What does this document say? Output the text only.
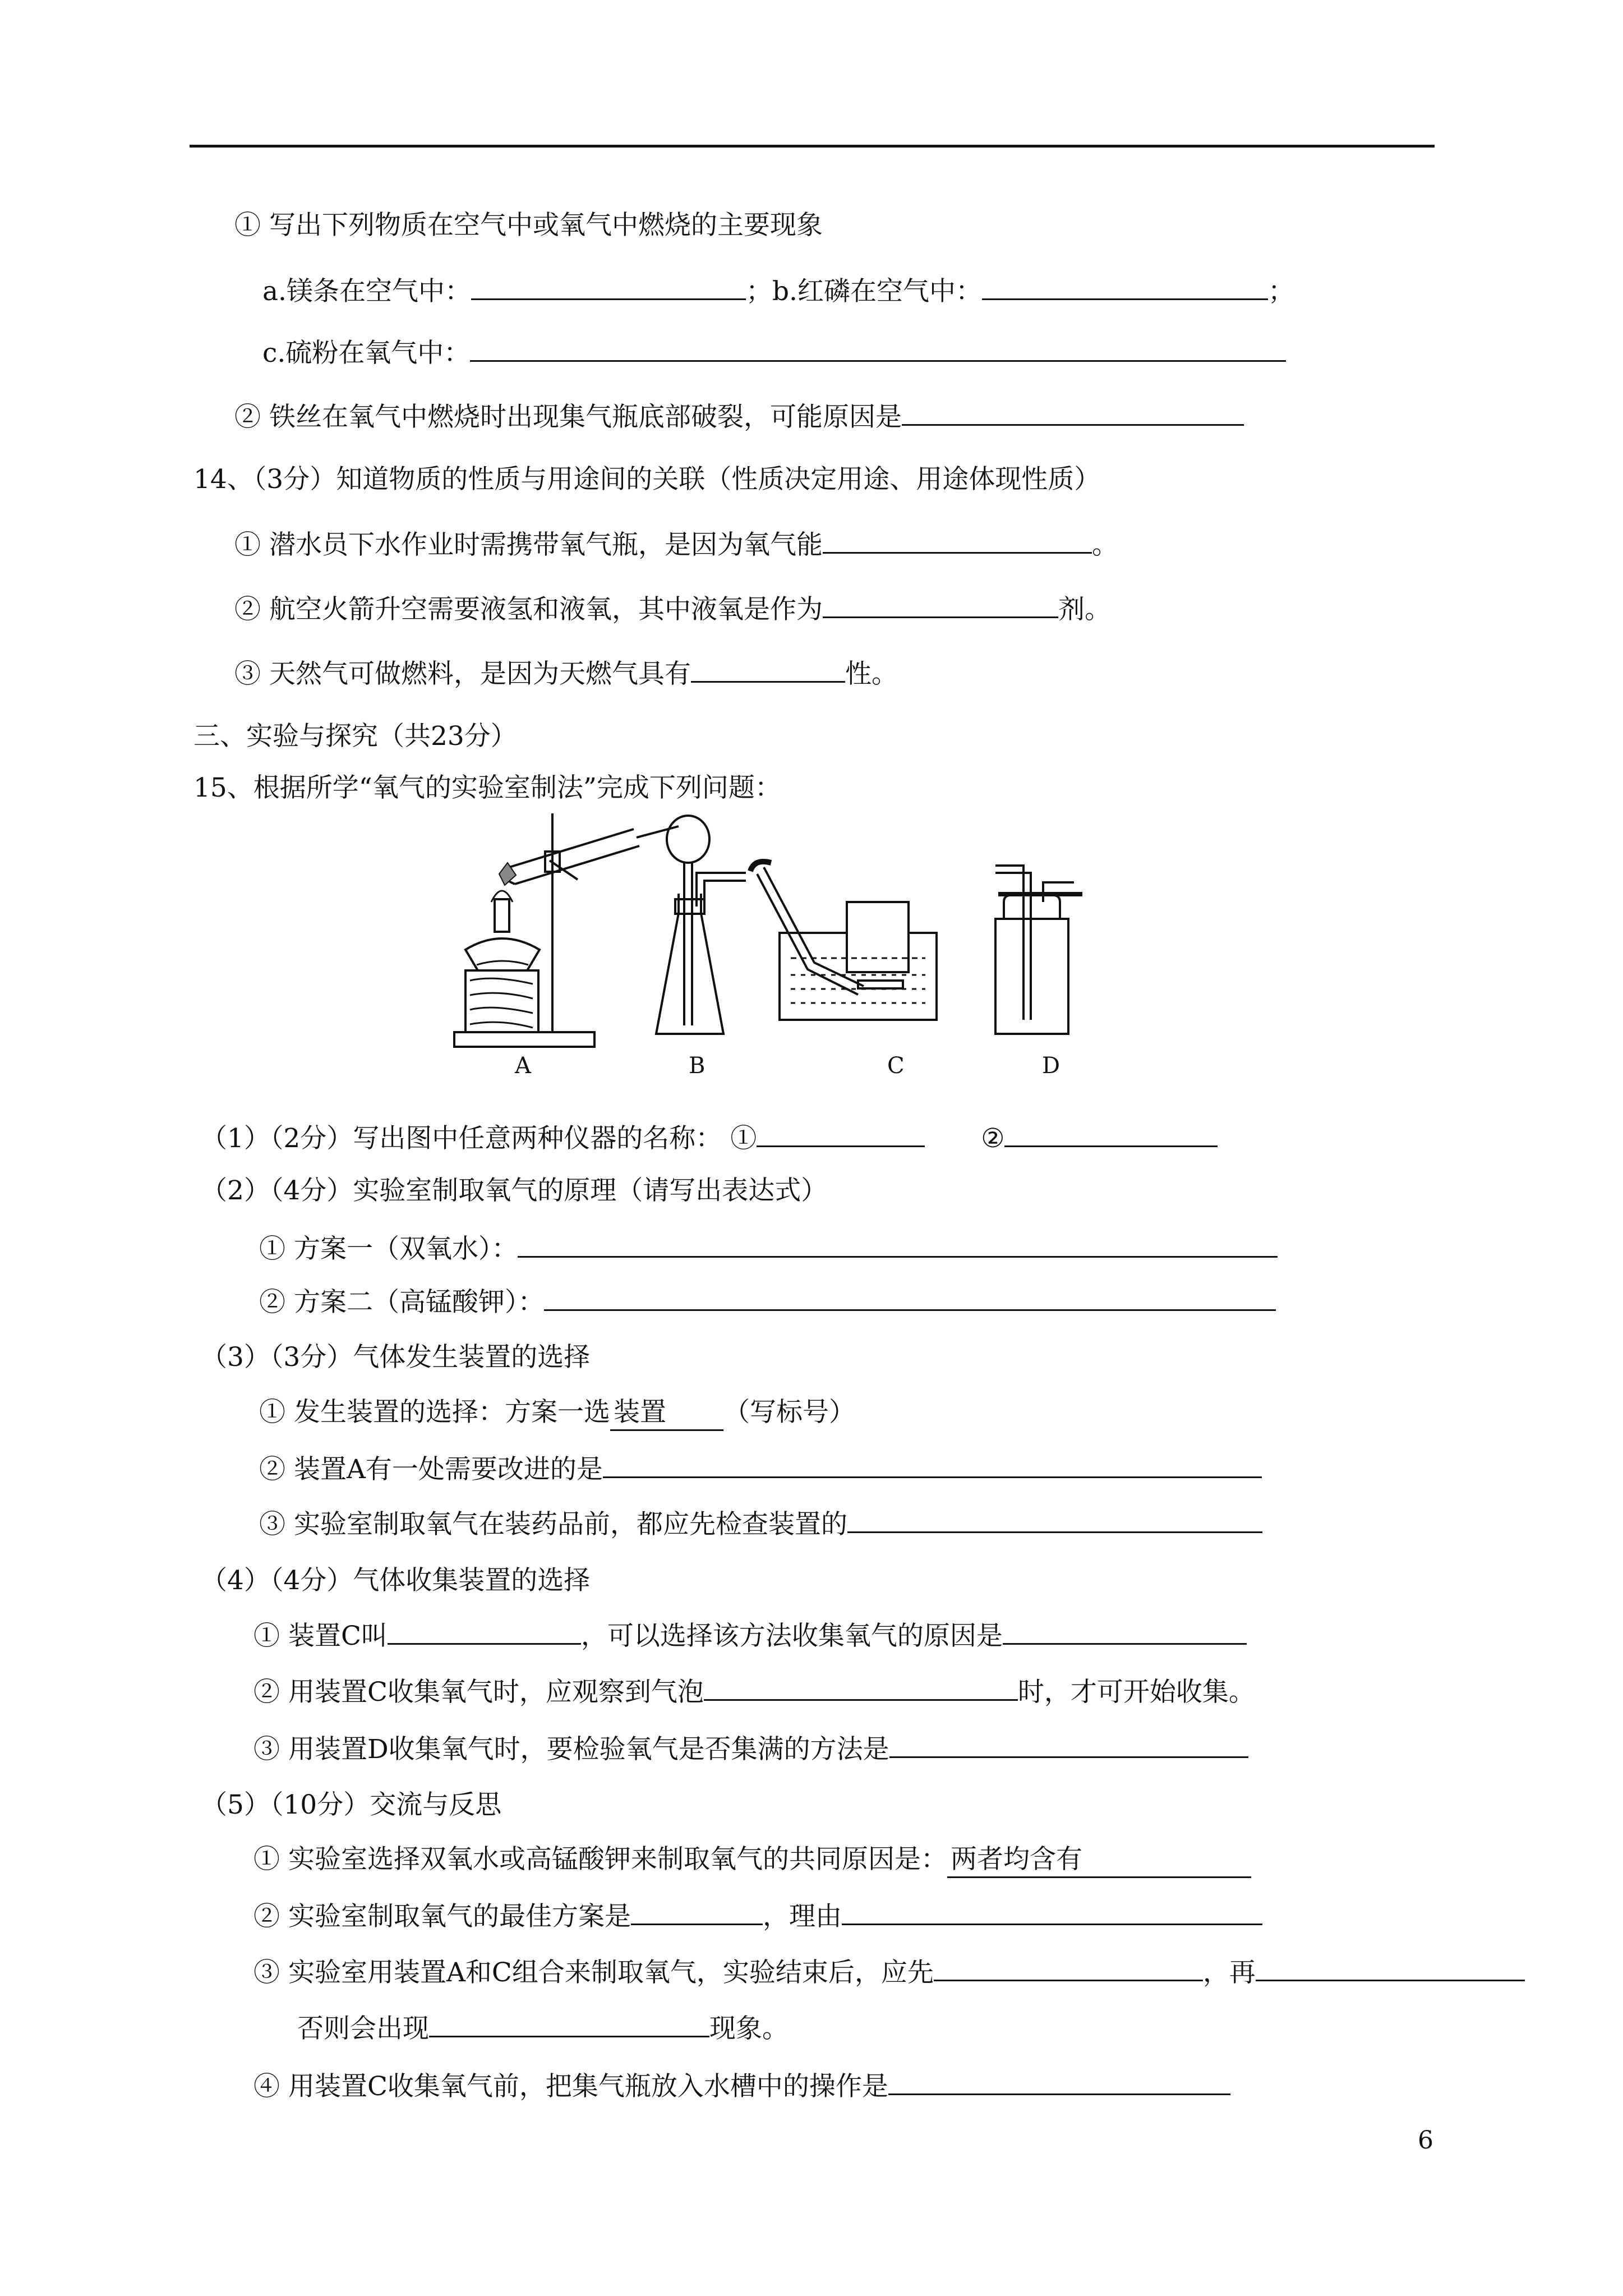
① 写出下列物质在空气中或氧气中燃烧的主要现象
a.镁条在空气中：	；b.红磷在空气中：	；
c.硫粉在氧气中：
② 铁丝在氧气中燃烧时出现集气瓶底部破裂，可能原因是
14、（3分）知道物质的性质与用途间的关联（性质决定用途、用途体现性质）
① 潜水员下水作业时需携带氧气瓶，是因为氧气能	。
② 航空火箭升空需要液氢和液氧，其中液氧是作为	剂。
③ 天然气可做燃料，是因为天燃气具有	性。
三、实验与探究（共23分）
15、根据所学“氧气的实验室制法”完成下列问题：
A	B	C	D
（1）（2分）写出图中任意两种仪器的名称： ①	②
（2）（4分）实验室制取氧气的原理（请写出表达式）
① 方案一（双氧水）：
② 方案二（高锰酸钾）：
（3）（3分）气体发生装置的选择
① 发生装置的选择：方案一选 装置 （写标号）
② 装置A有一处需要改进的是
③ 实验室制取氧气在装药品前，都应先检查装置的
（4）（4分）气体收集装置的选择
① 装置C叫	，可以选择该方法收集氧气的原因是
② 用装置C收集氧气时，应观察到气泡	时，才可开始收集。
③ 用装置D收集氧气时，要检验氧气是否集满的方法是
（5）（10分）交流与反思
① 实验室选择双氧水或高锰酸钾来制取氧气的共同原因是： 两者均含有
② 实验室制取氧气的最佳方案是	，理由
③ 实验室用装置A和C组合来制取氧气，实验结束后，应先	，再
否则会出现	现象。
④ 用装置C收集氧气前，把集气瓶放入水槽中的操作是
6
